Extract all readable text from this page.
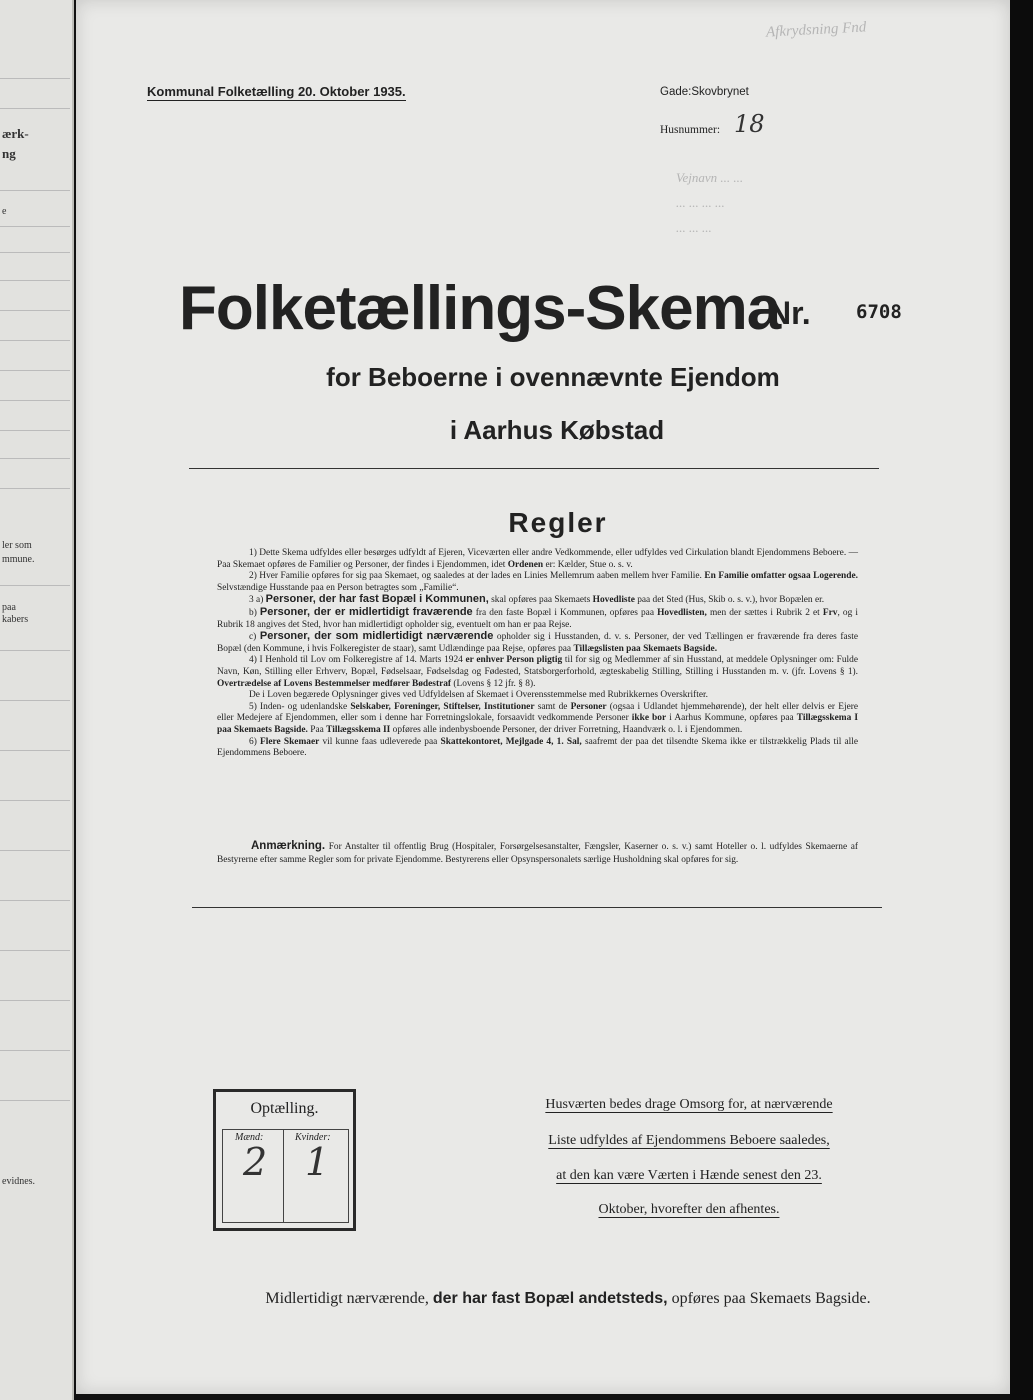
ærk-
ng
e
ler som
mmune.
paa
kabers
evidnes.
Kommunal Folketælling 20. Oktober 1935.	Gade:Skovbrynet
Husnummer: 18
Afkrydsning Fnd
Vejnavn ... ...
... ... ... ...
... ... ...
Folketællings-Skema
Nr. 6708
for Beboerne i ovennævnte Ejendom
i Aarhus Købstad
Regler

1) Dette Skema udfyldes eller besørges udfyldt af Ejeren, Viceværten eller andre Vedkommende, eller udfyldes ved Cirkulation blandt Ejendommens Beboere. — Paa Skemaet opføres de Familier og Personer, der findes i Ejendommen, idet Ordenen er: Kælder, Stue o. s. v.

2) Hver Familie opføres for sig paa Skemaet, og saaledes at der lades en Linies Mellemrum aaben mellem hver Familie. En Familie omfatter ogsaa Logerende. Selvstændige Husstande paa en Person betragtes som „Familie“.

3 a) Personer, der har fast Bopæl i Kommunen, skal opføres paa Skemaets Hovedliste paa det Sted (Hus, Skib o. s. v.), hvor Bopælen er.

b) Personer, der er midlertidigt fraværende fra den faste Bopæl i Kommunen, opføres paa Hovedlisten, men der sættes i Rubrik 2 et Frv, og i Rubrik 18 angives det Sted, hvor han midlertidigt opholder sig, eventuelt om han er paa Rejse.

c) Personer, der som midlertidigt nærværende opholder sig i Husstanden, d. v. s. Personer, der ved Tællingen er fraværende fra deres faste Bopæl (den Kommune, i hvis Folkeregister de staar), samt Udlændinge paa Rejse, opføres paa Tillægslisten paa Skemaets Bagside.

4) I Henhold til Lov om Folkeregistre af 14. Marts 1924 er enhver Person pligtig til for sig og Medlemmer af sin Husstand, at meddele Oplysninger om: Fulde Navn, Køn, Stilling eller Erhverv, Bopæl, Fødselsaar, Fødselsdag og Fødested, Statsborgerforhold, ægteskabelig Stilling, Stilling i Husstanden m. v. (jfr. Lovens § 1). Overtrædelse af Lovens Bestemmelser medfører Bødestraf (Lovens § 12 jfr. § 8).

De i Loven begærede Oplysninger gives ved Udfyldelsen af Skemaet i Overensstemmelse med Rubrikkernes Overskrifter.

5) Inden- og udenlandske Selskaber, Foreninger, Stiftelser, Institutioner samt de Personer (ogsaa i Udlandet hjemmehørende), der helt eller delvis er Ejere eller Medejere af Ejendommen, eller som i denne har Forretningslokale, forsaavidt vedkommende Personer ikke bor i Aarhus Kommune, opføres paa Tillægsskema I paa Skemaets Bagside. Paa Tillægsskema II opføres alle indenbysboende Personer, der driver Forretning, Haandværk o. l. i Ejendommen.

6) Flere Skemaer vil kunne faas udleverede paa Skattekontoret, Mejlgade 4, 1. Sal, saafremt der paa det tilsendte Skema ikke er tilstrækkelig Plads til alle Ejendommens Beboere.

Anmærkning. For Anstalter til offentlig Brug (Hospitaler, Forsørgelsesanstalter, Fængsler, Kaserner o. s. v.) samt Hoteller o. l. udfyldes Skemaerne af Bestyrerne efter samme Regler som for private Ejendomme. Bestyrerens eller Opsynspersonalets særlige Husholdning skal opføres for sig.

Optælling.
Mænd:	Kvinder:
2 1
Husværten bedes drage Omsorg for, at nærværende
Liste udfyldes af Ejendommens Beboere saaledes,
at den kan være Værten i Hænde senest den 23.
Oktober, hvorefter den afhentes.
Midlertidigt nærværende, der har fast Bopæl andetsteds, opføres paa Skemaets Bagside.
